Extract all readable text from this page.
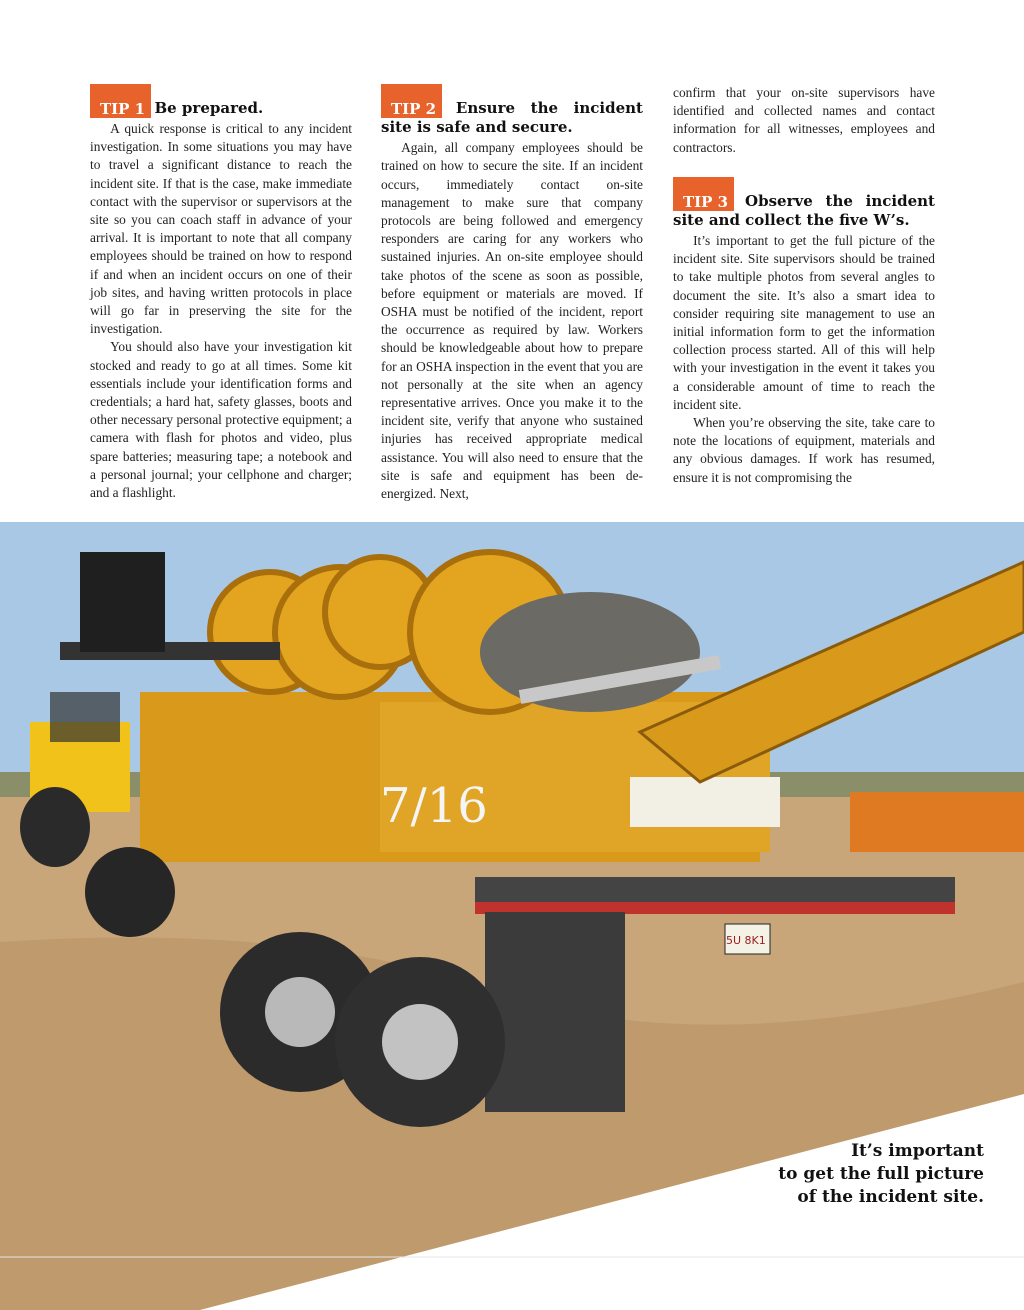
TIP 1 Be prepared.

A quick response is critical to any incident investigation. In some situations you may have to travel a significant distance to reach the incident site. If that is the case, make immediate contact with the supervisor or supervisors at the site so you can coach staff in advance of your arrival. It is important to note that all company employees should be trained on how to respond if and when an incident occurs on one of their job sites, and having written protocols in place will go far in preserving the site for the investigation.

You should also have your investigation kit stocked and ready to go at all times. Some kit essentials include your identification forms and credentials; a hard hat, safety glasses, boots and other necessary personal protective equipment; a camera with flash for photos and video, plus spare batteries; measuring tape; a notebook and a personal journal; your cellphone and charger; and a flashlight.

TIP 2 Ensure the incident site is safe and secure.

Again, all company employees should be trained on how to secure the site. If an incident occurs, immediately contact on-site management to make sure that company protocols are being followed and emergency responders are caring for any workers who sustained injuries. An on-site employee should take photos of the scene as soon as possible, before equipment or materials are moved. If OSHA must be notified of the incident, report the occurrence as required by law. Workers should be knowledgeable about how to prepare for an OSHA inspection in the event that you are not personally at the site when an agency representative arrives. Once you make it to the incident site, verify that anyone who sustained injuries has received appropriate medical assistance. You will also need to ensure that the site is safe and equipment has been de-energized. Next,

confirm that your on-site supervisors have identified and collected names and contact information for all witnesses, employees and contractors.

TIP 3 Observe the incident site and collect the five W’s.

It’s important to get the full picture of the incident site. Site supervisors should be trained to take multiple photos from several angles to document the site. It’s also a smart idea to consider requiring site management to use an initial information form to get the information collection process started. All of this will help with your investigation in the event it takes you a considerable amount of time to reach the incident site.

When you’re observing the site, take care to note the locations of equipment, materials and any obvious damages. If work has resumed, ensure it is not compromising the

7/16
5U 8K1
It’s important
to get the full picture
of the incident site.
